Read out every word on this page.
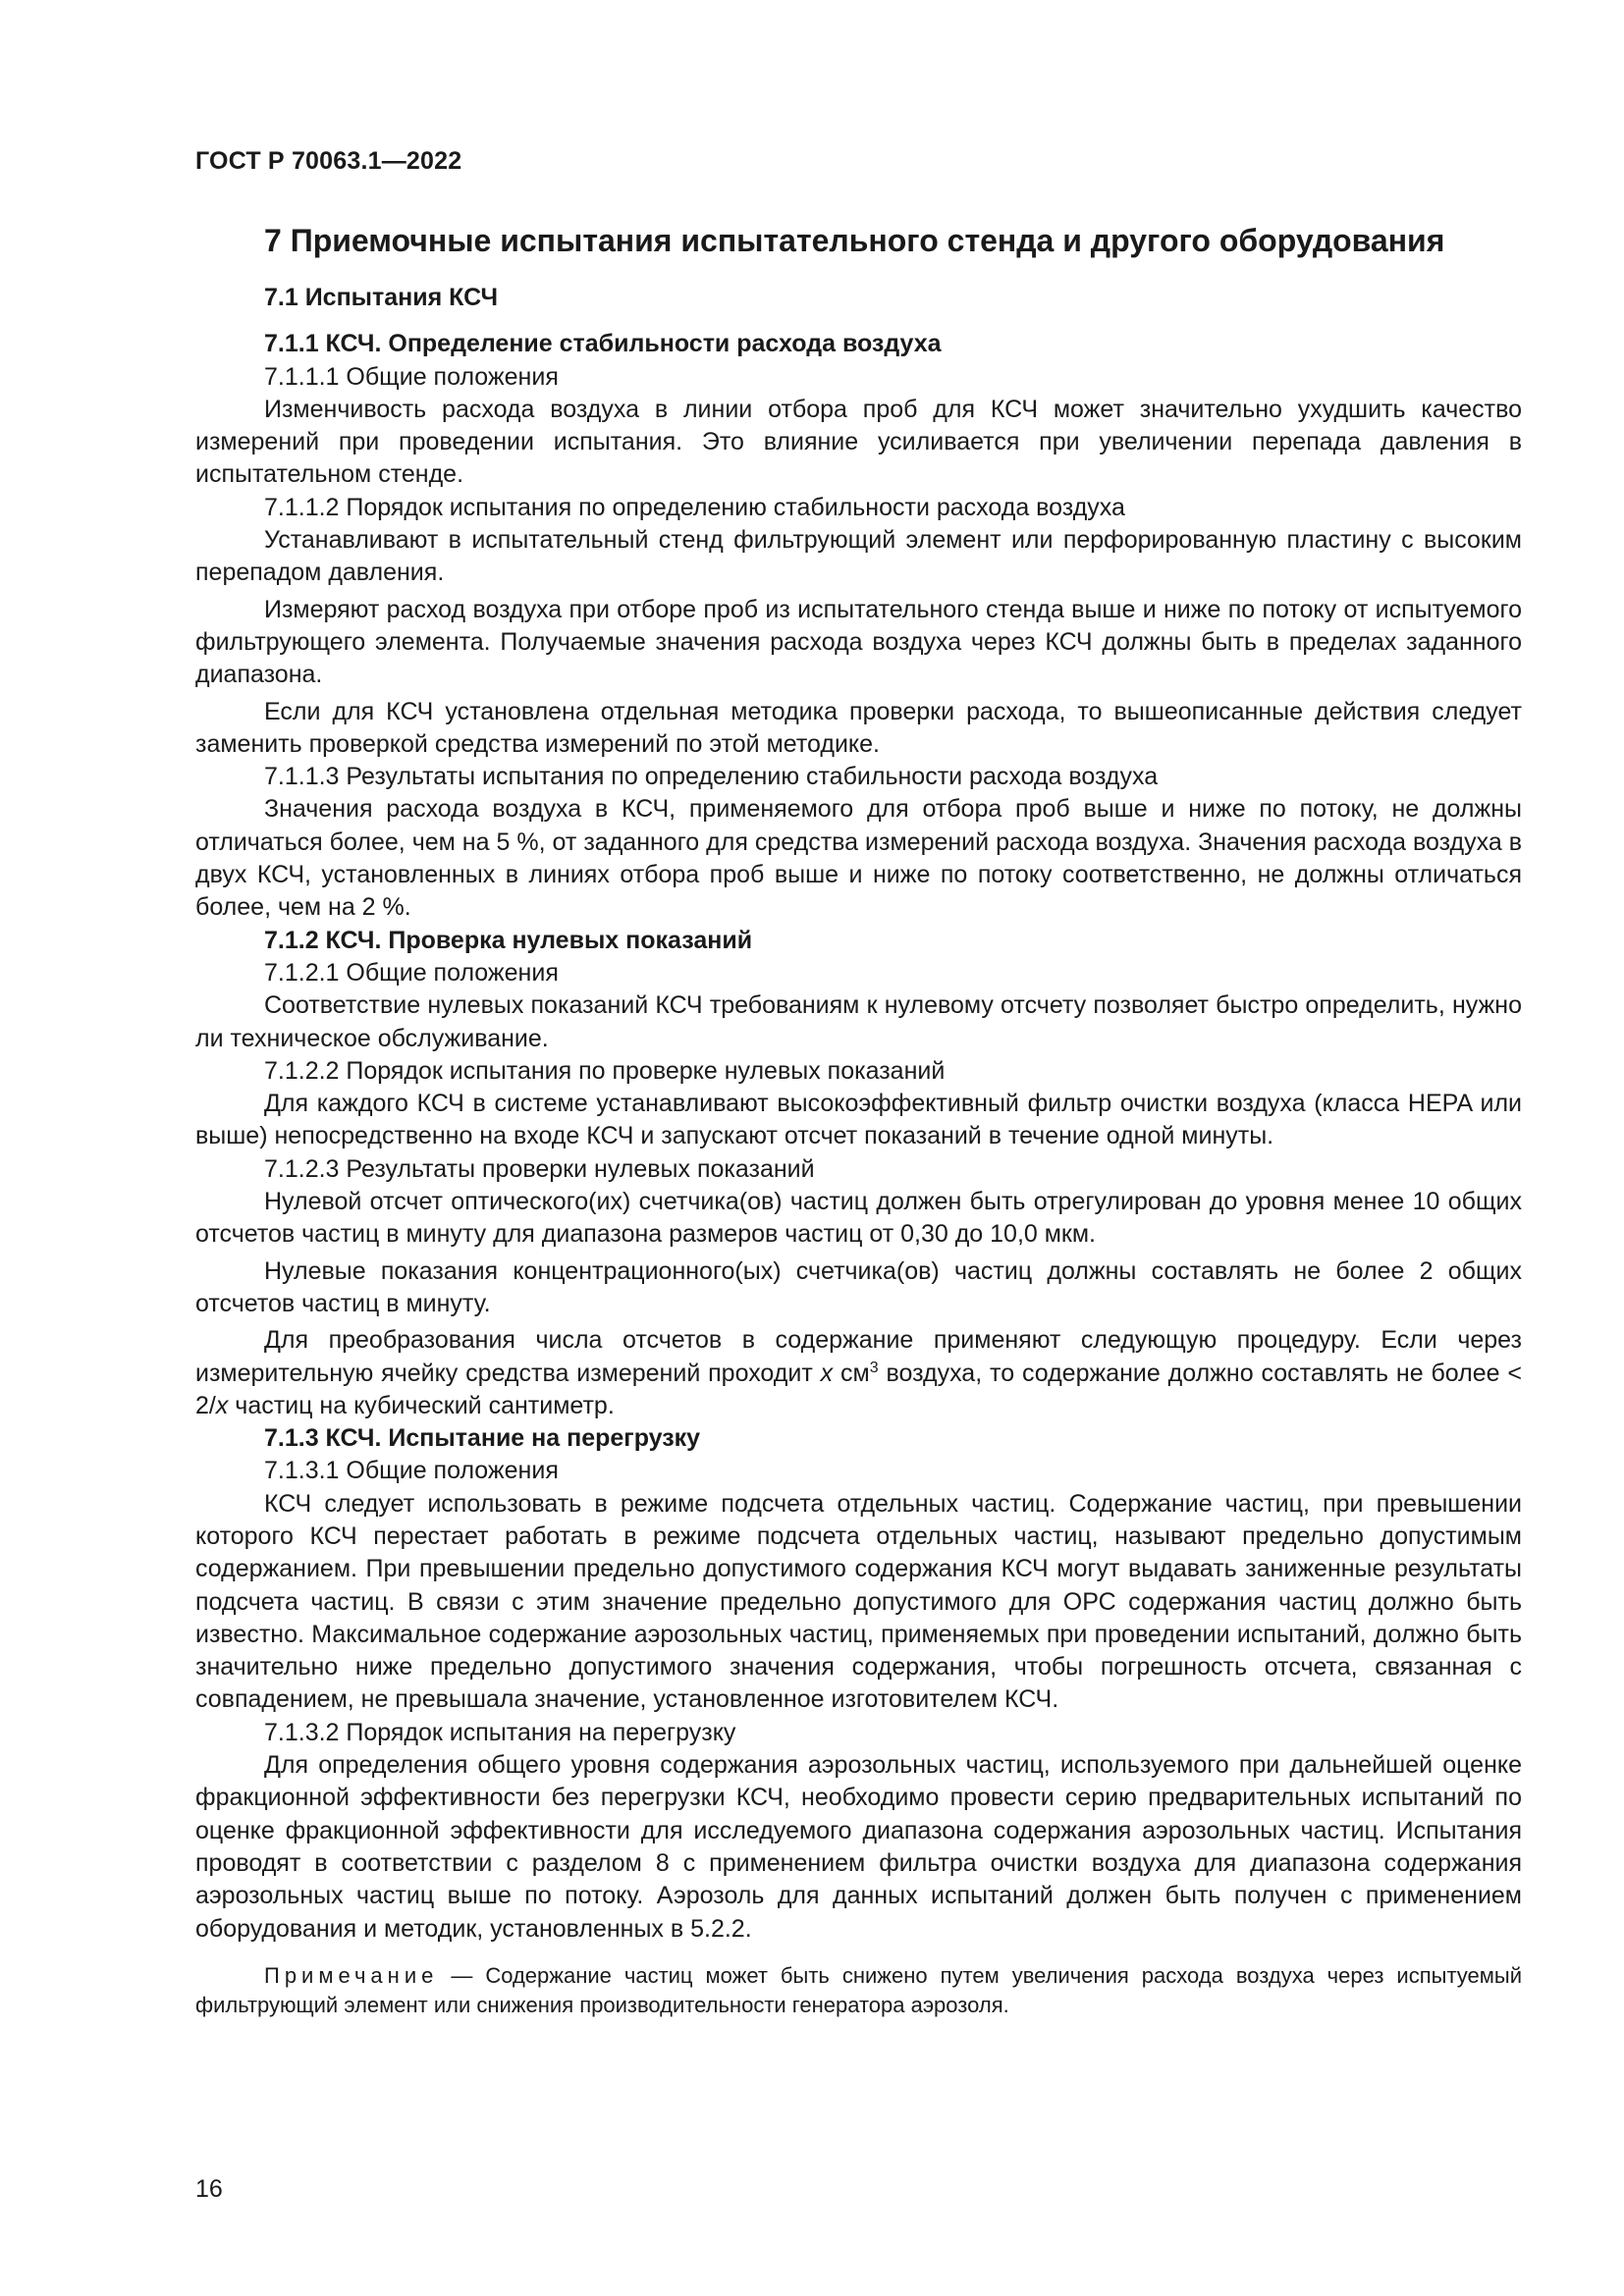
ГОСТ Р 70063.1—2022
7 Приемочные испытания испытательного стенда и другого оборудования
7.1 Испытания КСЧ
7.1.1 КСЧ. Определение стабильности расхода воздуха
7.1.1.1 Общие положения

Изменчивость расхода воздуха в линии отбора проб для КСЧ может значительно ухудшить качество измерений при проведении испытания. Это влияние усиливается при увеличении перепада давления в испытательном стенде.

7.1.1.2 Порядок испытания по определению стабильности расхода воздуха

Устанавливают в испытательный стенд фильтрующий элемент или перфорированную пластину с высоким перепадом давления.

Измеряют расход воздуха при отборе проб из испытательного стенда выше и ниже по потоку от испытуемого фильтрующего элемента. Получаемые значения расхода воздуха через КСЧ должны быть в пределах заданного диапазона.

Если для КСЧ установлена отдельная методика проверки расхода, то вышеописанные действия следует заменить проверкой средства измерений по этой методике.

7.1.1.3 Результаты испытания по определению стабильности расхода воздуха

Значения расхода воздуха в КСЧ, применяемого для отбора проб выше и ниже по потоку, не должны отличаться более, чем на 5 %, от заданного для средства измерений расхода воздуха. Значения расхода воздуха в двух КСЧ, установленных в линиях отбора проб выше и ниже по потоку соответственно, не должны отличаться более, чем на 2 %.

7.1.2 КСЧ. Проверка нулевых показаний
7.1.2.1 Общие положения

Соответствие нулевых показаний КСЧ требованиям к нулевому отсчету позволяет быстро определить, нужно ли техническое обслуживание.

7.1.2.2 Порядок испытания по проверке нулевых показаний

Для каждого КСЧ в системе устанавливают высокоэффективный фильтр очистки воздуха (класса HEPA или выше) непосредственно на входе КСЧ и запускают отсчет показаний в течение одной минуты.

7.1.2.3 Результаты проверки нулевых показаний

Нулевой отсчет оптического(их) счетчика(ов) частиц должен быть отрегулирован до уровня менее 10 общих отсчетов частиц в минуту для диапазона размеров частиц от 0,30 до 10,0 мкм.

Нулевые показания концентрационного(ых) счетчика(ов) частиц должны составлять не более 2 общих отсчетов частиц в минуту.

Для преобразования числа отсчетов в содержание применяют следующую процедуру. Если через измерительную ячейку средства измерений проходит x $см^3$ воздуха, то содержание должно составлять не более < 2/x частиц на кубический сантиметр.

7.1.3 КСЧ. Испытание на перегрузку
7.1.3.1 Общие положения

КСЧ следует использовать в режиме подсчета отдельных частиц. Содержание частиц, при превышении которого КСЧ перестает работать в режиме подсчета отдельных частиц, называют предельно допустимым содержанием. При превышении предельно допустимого содержания КСЧ могут выдавать заниженные результаты подсчета частиц. В связи с этим значение предельно допустимого для ОРС содержания частиц должно быть известно. Максимальное содержание аэрозольных частиц, применяемых при проведении испытаний, должно быть значительно ниже предельно допустимого значения содержания, чтобы погрешность отсчета, связанная с совпадением, не превышала значение, установленное изготовителем КСЧ.

7.1.3.2 Порядок испытания на перегрузку

Для определения общего уровня содержания аэрозольных частиц, используемого при дальнейшей оценке фракционной эффективности без перегрузки КСЧ, необходимо провести серию предварительных испытаний по оценке фракционной эффективности для исследуемого диапазона содержания аэрозольных частиц. Испытания проводят в соответствии с разделом 8 с применением фильтра очистки воздуха для диапазона содержания аэрозольных частиц выше по потоку. Аэрозоль для данных испытаний должен быть получен с применением оборудования и методик, установленных в 5.2.2.

Примечание — Содержание частиц может быть снижено путем увеличения расхода воздуха через испытуемый фильтрующий элемент или снижения производительности генератора аэрозоля.

16
